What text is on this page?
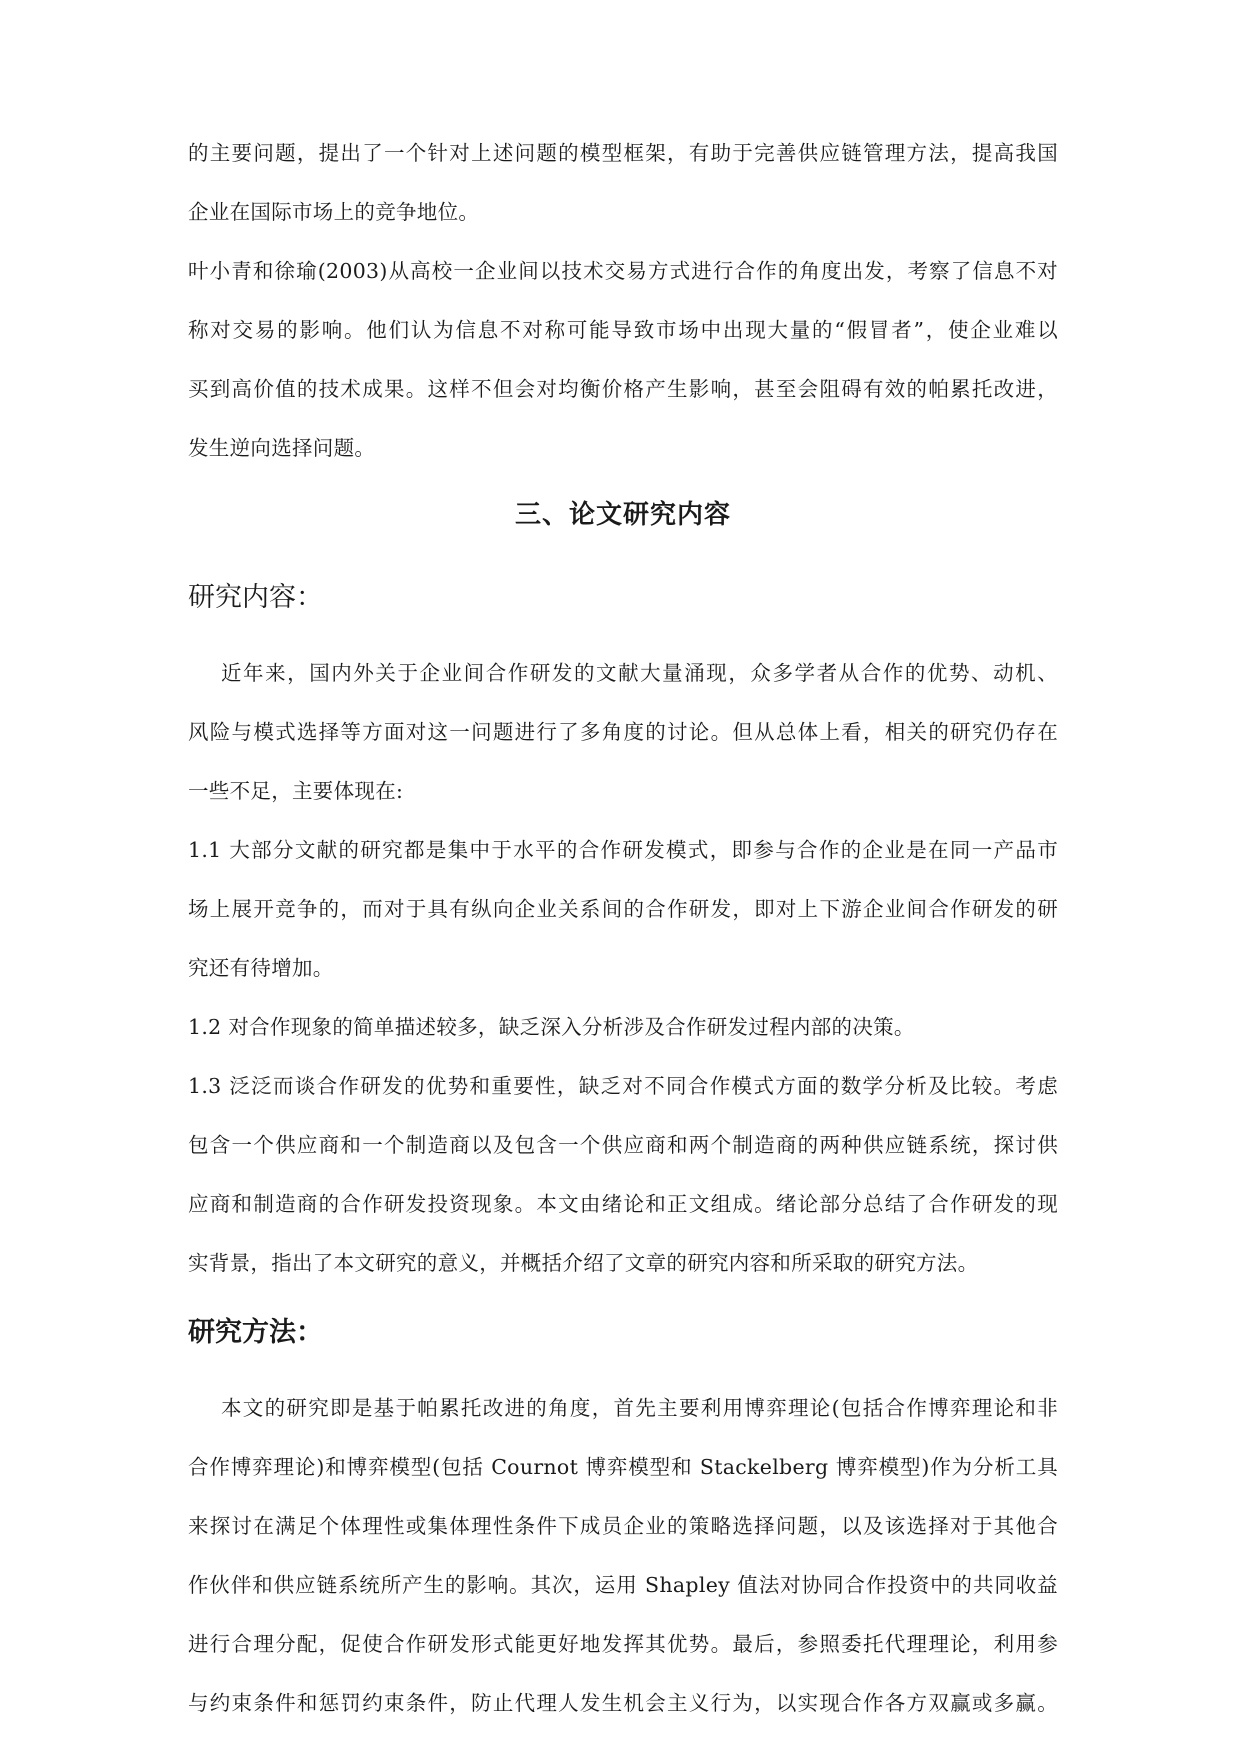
的主要问题，提出了一个针对上述问题的模型框架，有助于完善供应链管理方法，提高我国
企业在国际市场上的竞争地位。
叶小青和徐瑜(2003)从高校一企业间以技术交易方式进行合作的角度出发，考察了信息不对
称对交易的影响。他们认为信息不对称可能导致市场中出现大量的“假冒者”，使企业难以
买到高价值的技术成果。这样不但会对均衡价格产生影响，甚至会阻碍有效的帕累托改进，
发生逆向选择问题。
三、论文研究内容
研究内容：
近年来，国内外关于企业间合作研发的文献大量涌现，众多学者从合作的优势、动机、
风险与模式选择等方面对这一问题进行了多角度的讨论。但从总体上看，相关的研究仍存在
一些不足，主要体现在:
1.1 大部分文献的研究都是集中于水平的合作研发模式，即参与合作的企业是在同一产品市
场上展开竞争的，而对于具有纵向企业关系间的合作研发，即对上下游企业间合作研发的研
究还有待增加。
1.2 对合作现象的简单描述较多，缺乏深入分析涉及合作研发过程内部的决策。
1.3 泛泛而谈合作研发的优势和重要性，缺乏对不同合作模式方面的数学分析及比较。考虑
包含一个供应商和一个制造商以及包含一个供应商和两个制造商的两种供应链系统，探讨供
应商和制造商的合作研发投资现象。本文由绪论和正文组成。绪论部分总结了合作研发的现
实背景，指出了本文研究的意义，并概括介绍了文章的研究内容和所采取的研究方法。
研究方法：
本文的研究即是基于帕累托改进的角度，首先主要利用博弈理论(包括合作博弈理论和非
合作博弈理论)和博弈模型(包括 Cournot 博弈模型和 Stackelberg 博弈模型)作为分析工具
来探讨在满足个体理性或集体理性条件下成员企业的策略选择问题，以及该选择对于其他合
作伙伴和供应链系统所产生的影响。其次，运用 Shapley 值法对协同合作投资中的共同收益
进行合理分配，促使合作研发形式能更好地发挥其优势。最后，参照委托代理理论，利用参
与约束条件和惩罚约束条件，防止代理人发生机会主义行为，以实现合作各方双赢或多赢。
